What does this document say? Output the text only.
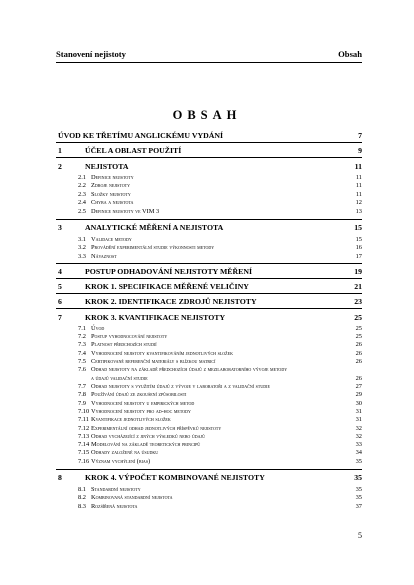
Stanovení nejistoty	Obsah
OBSAH
ÚVOD KE TŘETÍMU ANGLICKÉMU VYDÁNÍ	7
1	ÚČEL A OBLAST POUŽITÍ	9
2	NEJISTOTA	11
2.1 Definice nejistoty	11
2.2 Zdroje nejistoty	11
2.3 Složky nejistoty	11
2.4 Chyba a nejistota	12
2.5 Definice nejistoty ve VIM 3	13
3	ANALYTICKÉ MĚŘENÍ A NEJISTOTA	15
3.1 Validace metody	15
3.2 Provádění experimentální studie výkonnosti metody	16
3.3 Návaznost	17
4	POSTUP ODHADOVÁNÍ NEJISTOTY MĚŘENÍ	19
5	KROK 1. SPECIFIKACE MĚŘENÉ VELIČINY	21
6	KROK 2. IDENTIFIKACE ZDROJŮ NEJISTOTY	23
7	KROK 3. KVANTIFIKACE NEJISTOTY	25
7.1 Úvod	25
7.2 Postup vyhodnocování nejistoty	25
7.3 Platnost předchozích studií	26
7.4 Vyhodnocení nejistoty kvantifikováním jednotlivých složek	26
7.5 Certifikované referenční materiály s blízkou matricí	26
7.6 Odhad nejistoty na základě předchozích údajů z mezilaboratorního vývoje metody
a údajů validační studie	26
7.7 Odhad nejistoty s využitím údajů z vývoje v laboratoři a z validační studie	27
7.8 Používání údajů ze zkoušení způsobilosti	29
7.9 Vyhodnocení nejistoty u empirických metod	30
7.10 Vyhodnocení nejistoty pro ad-hoc metody	31
7.11 Kvantifikace jednotlivých složek	31
7.12 Experimentální odhad jednotlivých příspěvků nejistoty	32
7.13 Odhad vycházející z jiných výsledků nebo údajů	32
7.14 Modelování na základě teoretických principů	33
7.15 Odhady založené na úsudku	34
7.16 Význam vychýlení (bias)	35
8	KROK 4. VÝPOČET KOMBINOVANÉ NEJISTOTY	35
8.1 Standardní nejistoty	35
8.2 Kombinovaná standardní nejistota	35
8.3 Rozšířená nejistota	37
5
